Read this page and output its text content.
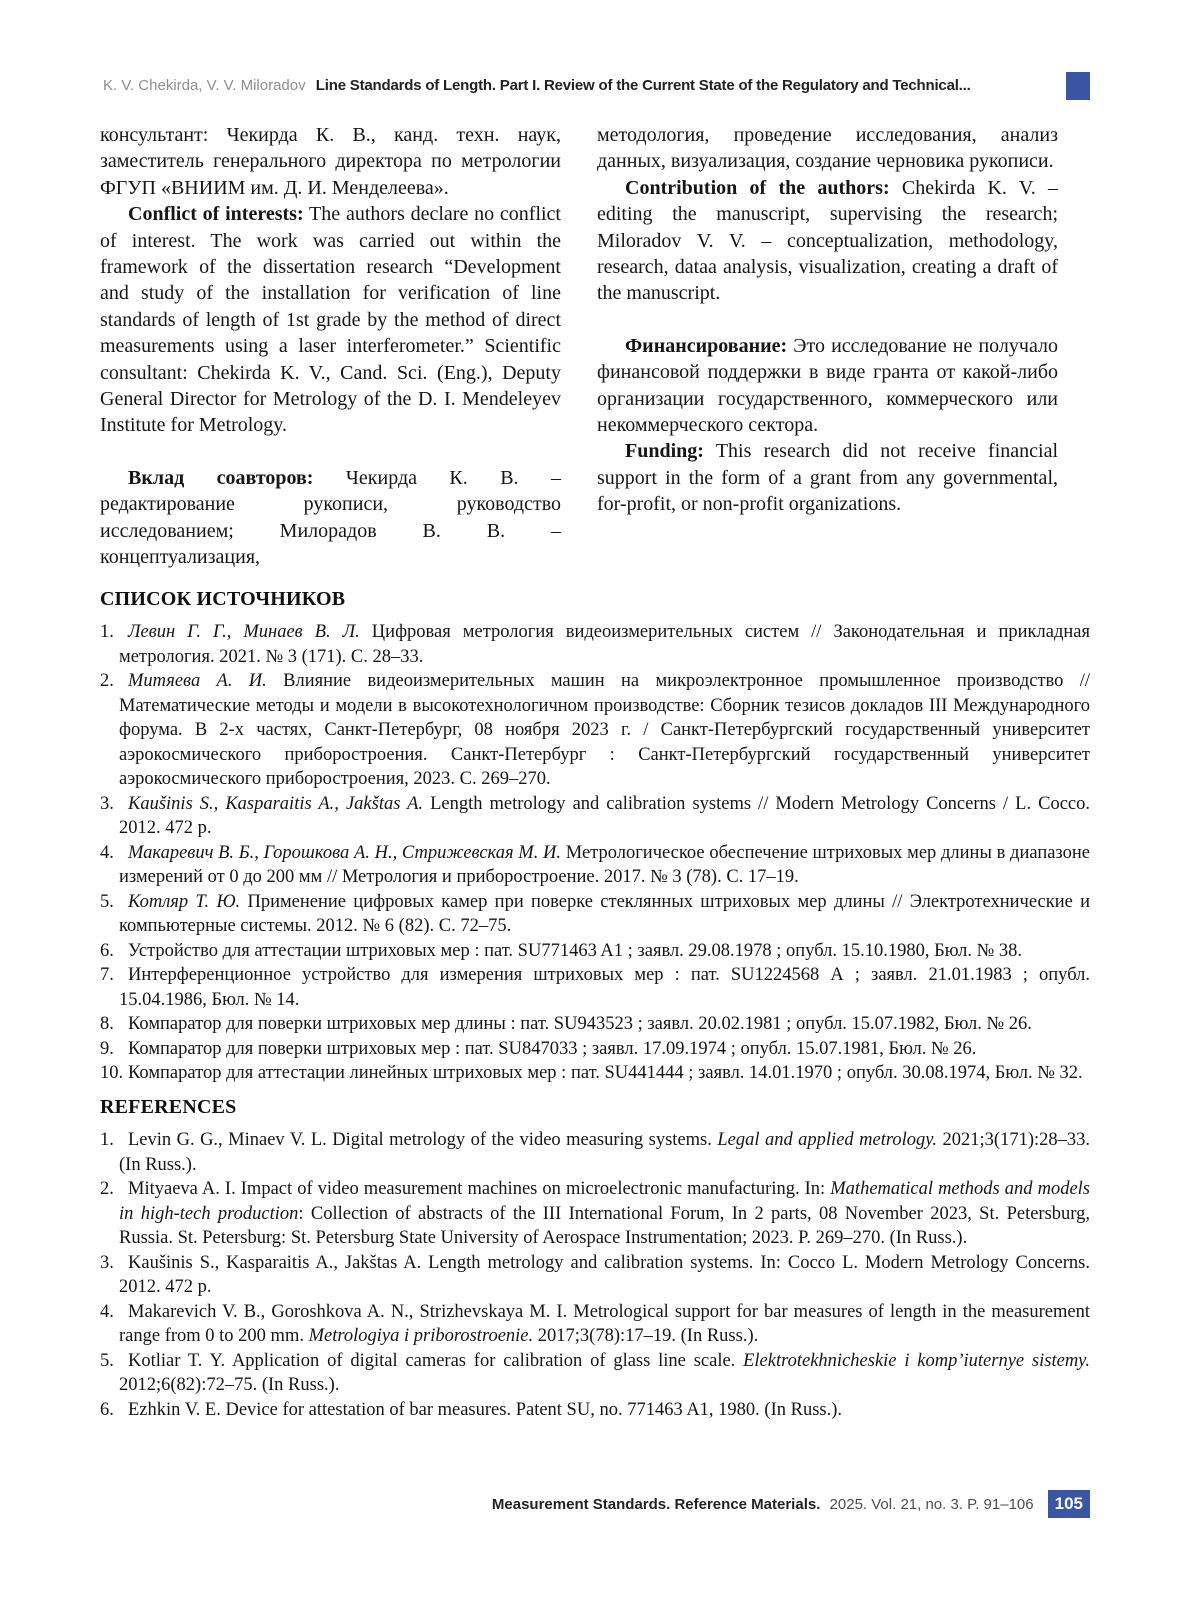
K. V. Chekirda, V. V. Miloradov Line Standards of Length. Part I. Review of the Current State of the Regulatory and Technical...

консультант: Чекирда К. В., канд. техн. наук, заместитель генерального директора по метрологии ФГУП «ВНИИМ им. Д. И. Менделеева».

Conflict of interests: The authors declare no conflict of interest. The work was carried out within the framework of the dissertation research “Development and study of the installation for verification of line standards of length of 1st grade by the method of direct measurements using a laser interferometer.” Scientific consultant: Chekirda K. V., Cand. Sci. (Eng.), Deputy General Director for Metrology of the D. I. Mendeleyev Institute for Metrology.

Вклад соавторов: Чекирда К. В. – редактирование рукописи, руководство исследованием; Милорадов В. В. – концептуализация,

методология, проведение исследования, анализ данных, визуализация, создание черновика рукописи.

Contribution of the authors: Chekirda K. V. – editing the manuscript, supervising the research; Miloradov V. V. – conceptualization, methodology, research, dataa analysis, visualization, creating a draft of the manuscript.

Финансирование: Это исследование не получало финансовой поддержки в виде гранта от какой-либо организации государственного, коммерческого или некоммерческого сектора.

Funding: This research did not receive financial support in the form of a grant from any governmental, for-profit, or non-profit organizations.

СПИСОК ИСТОЧНИКОВ
1. Левин Г. Г., Минаев В. Л. Цифровая метрология видеоизмерительных систем // Законодательная и прикладная метрология. 2021. № 3 (171). С. 28–33.
2. Митяева А. И. Влияние видеоизмерительных машин на микроэлектронное промышленное производство // Математические методы и модели в высокотехнологичном производстве: Сборник тезисов докладов III Международного форума. В 2-х частях, Санкт-Петербург, 08 ноября 2023 г. / Санкт-Петербургский государственный университет аэрокосмического приборостроения. Санкт-Петербург : Санкт-Петербургский государственный университет аэрокосмического приборостроения, 2023. С. 269–270.
3. Kaušinis S., Kasparaitis A., Jakštas A. Length metrology and calibration systems // Modern Metrology Concerns / L. Cocco. 2012. 472 p.
4. Макаревич В. Б., Горошкова А. Н., Стрижевская М. И. Метрологическое обеспечение штриховых мер длины в диапазоне измерений от 0 до 200 мм // Метрология и приборостроение. 2017. № 3 (78). С. 17–19.
5. Котляр Т. Ю. Применение цифровых камер при поверке стеклянных штриховых мер длины // Электротехнические и компьютерные системы. 2012. № 6 (82). С. 72–75.
6. Устройство для аттестации штриховых мер : пат. SU771463 A1 ; заявл. 29.08.1978 ; опубл. 15.10.1980, Бюл. № 38.
7. Интерференционное устройство для измерения штриховых мер : пат. SU1224568 А ; заявл. 21.01.1983 ; опубл. 15.04.1986, Бюл. № 14.
8. Компаратор для поверки штриховых мер длины : пат. SU943523 ; заявл. 20.02.1981 ; опубл. 15.07.1982, Бюл. № 26.
9. Компаратор для поверки штриховых мер : пат. SU847033 ; заявл. 17.09.1974 ; опубл. 15.07.1981, Бюл. № 26.
10. Компаратор для аттестации линейных штриховых мер : пат. SU441444 ; заявл. 14.01.1970 ; опубл. 30.08.1974, Бюл. № 32.
REFERENCES
1. Levin G. G., Minaev V. L. Digital metrology of the video measuring systems. Legal and applied metrology. 2021;3(171):28–33. (In Russ.).
2. Mityaeva A. I. Impact of video measurement machines on microelectronic manufacturing. In: Mathematical methods and models in high-tech production: Collection of abstracts of the III International Forum, In 2 parts, 08 November 2023, St. Petersburg, Russia. St. Petersburg: St. Petersburg State University of Aerospace Instrumentation; 2023. P. 269–270. (In Russ.).
3. Kaušinis S., Kasparaitis A., Jakštas A. Length metrology and calibration systems. In: Cocco L. Modern Metrology Concerns. 2012. 472 p.
4. Makarevich V. B., Goroshkova A. N., Strizhevskaya M. I. Metrological support for bar measures of length in the measurement range from 0 to 200 mm. Metrologiya i priborostroenie. 2017;3(78):17–19. (In Russ.).
5. Kotliar T. Y. Application of digital cameras for calibration of glass line scale. Elektrotekhnicheskie i komp’iuternye sistemy. 2012;6(82):72–75. (In Russ.).
6. Ezhkin V. E. Device for attestation of bar measures. Patent SU, no. 771463 A1, 1980. (In Russ.).
Measurement Standards. Reference Materials. 2025. Vol. 21, no. 3. P. 91–106	105
